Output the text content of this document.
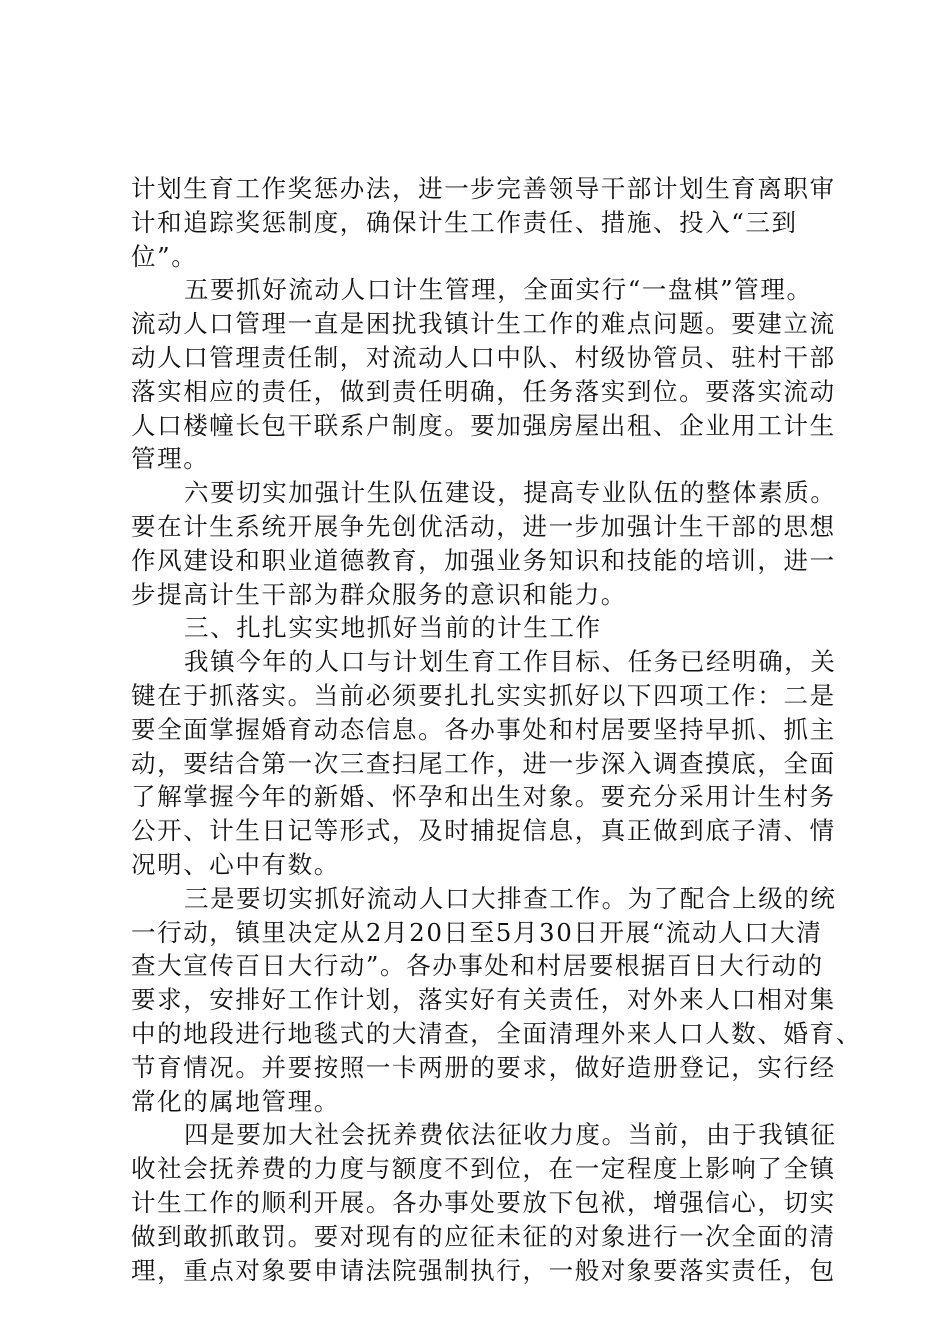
计划生育工作奖惩办法，进一步完善领导干部计划生育离职审
计和追踪奖惩制度，确保计生工作责任、措施、投入“三到
位”。
五要抓好流动人口计生管理，全面实行“一盘棋”管理。
流动人口管理一直是困扰我镇计生工作的难点问题。要建立流
动人口管理责任制，对流动人口中队、村级协管员、驻村干部
落实相应的责任，做到责任明确，任务落实到位。要落实流动
人口楼幢长包干联系户制度。要加强房屋出租、企业用工计生
管理。
六要切实加强计生队伍建设，提高专业队伍的整体素质。
要在计生系统开展争先创优活动，进一步加强计生干部的思想
作风建设和职业道德教育，加强业务知识和技能的培训，进一
步提高计生干部为群众服务的意识和能力。
三、扎扎实实地抓好当前的计生工作
我镇今年的人口与计划生育工作目标、任务已经明确，关
键在于抓落实。当前必须要扎扎实实抓好以下四项工作：二是
要全面掌握婚育动态信息。各办事处和村居要坚持早抓、抓主
动，要结合第一次三查扫尾工作，进一步深入调查摸底，全面
了解掌握今年的新婚、怀孕和出生对象。要充分采用计生村务
公开、计生日记等形式，及时捕捉信息，真正做到底子清、情
况明、心中有数。
三是要切实抓好流动人口大排查工作。为了配合上级的统
一行动，镇里决定从2月20日至5月30日开展“流动人口大清
查大宣传百日大行动”。各办事处和村居要根据百日大行动的
要求，安排好工作计划，落实好有关责任，对外来人口相对集
中的地段进行地毯式的大清查，全面清理外来人口人数、婚育、
节育情况。并要按照一卡两册的要求，做好造册登记，实行经
常化的属地管理。
四是要加大社会抚养费依法征收力度。当前，由于我镇征
收社会抚养费的力度与额度不到位，在一定程度上影响了全镇
计生工作的顺利开展。各办事处要放下包袱，增强信心，切实
做到敢抓敢罚。要对现有的应征未征的对象进行一次全面的清
理，重点对象要申请法院强制执行，一般对象要落实责任，包
